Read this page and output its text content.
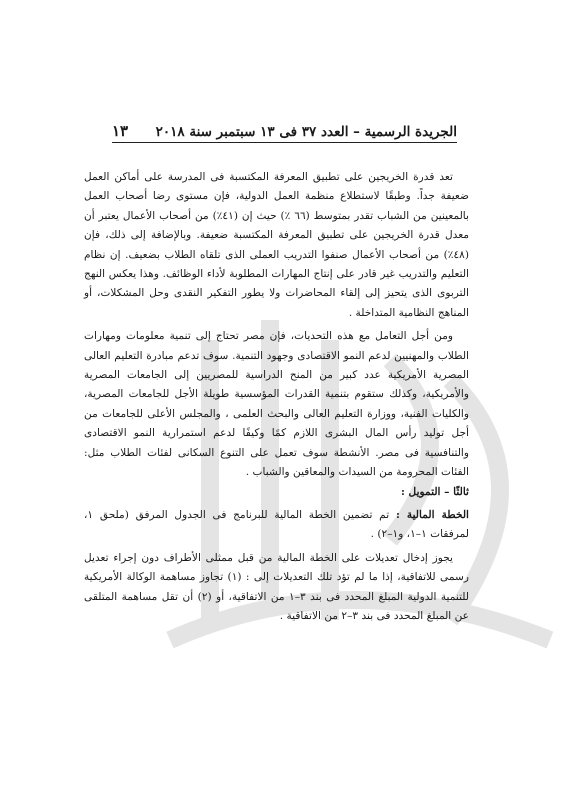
١٣ الجريدة الرسمية – العدد ٣٧ فى ١٣ سبتمبر سنة ٢٠١٨

تعد قدرة الخريجين على تطبيق المعرفة المكتسبة فى المدرسة على أماكن العمل ضعيفة جداً. وطبقًا لاستطلاع منظمة العمل الدولية، فإن مستوى رضا أصحاب العمل بالمعينين من الشباب تقدر بمتوسط (٦٦ ٪) حيث إن (٤١٪) من أصحاب الأعمال يعتبر أن معدل قدرة الخريجين على تطبيق المعرفة المكتسبة ضعيفة. وبالإضافة إلى ذلك، فإن (٤٨٪) من أصحاب الأعمال صنفوا التدريب العملى الذى تلقاه الطلاب بضعيف. إن نظام التعليم والتدريب غير قادر على إنتاج المهارات المطلوبة لأداء الوظائف. وهذا يعكس النهج التربوى الذى يتحيز إلى إلقاء المحاضرات ولا يطور التفكير النقدى وحل المشكلات، أو المناهج النظامية المتداخلة .

ومن أجل التعامل مع هذه التحديات، فإن مصر تحتاج إلى تنمية معلومات ومهارات الطلاب والمهنيين لدعم النمو الاقتصادى وجهود التنمية. سوف تدعم مبادرة التعليم العالى المصرية الأمريكية عدد كبير من المنح الدراسية للمصريين إلى الجامعات المصرية والأمريكية، وكذلك ستقوم بتنمية القدرات المؤسسية طويلة الأجل للجامعات المصرية، والكليات الفنية، ووزارة التعليم العالى والبحث العلمى ، والمجلس الأعلى للجامعات من أجل توليد رأس المال البشرى اللازم كمًا وكيفًا لدعم استمرارية النمو الاقتصادى والتنافسية فى مصر. الأنشطة سوف تعمل على التنوع السكانى لفئات الطلاب مثل: الفئات المحرومة من السيدات والمعاقين والشباب .

ثالثًا – التمويل :

الخطة المالية : تم تضمين الخطة المالية للبرنامج فى الجدول المرفق (ملحق ١، لمرفقات ١–١، و١–٢) .

يجوز إدخال تعديلات على الخطة المالية من قبل ممثلى الأطراف دون إجراء تعديل رسمى للاتفاقية، إذا ما لم تؤد تلك التعديلات إلى : (١) تجاوز مساهمة الوكالة الأمريكية للتنمية الدولية المبلغ المحدد فى بند ٣–١ من الاتفاقية، أو (٢) أن تقل مساهمة المتلقى عن المبلغ المحدد فى بند ٣–٢ من الاتفاقية .
